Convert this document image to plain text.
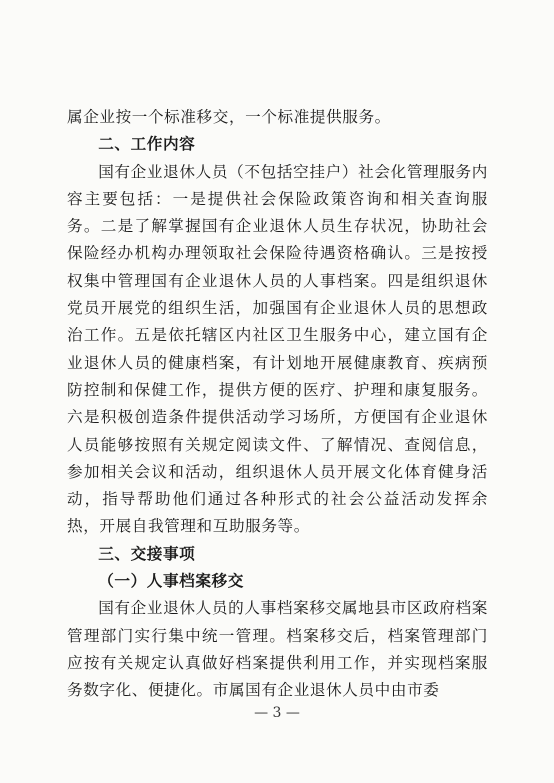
属企业按一个标准移交，一个标准提供服务。

二、工作内容

国有企业退休人员（不包括空挂户）社会化管理服务内容主要包括：一是提供社会保险政策咨询和相关查询服务。二是了解掌握国有企业退休人员生存状况，协助社会保险经办机构办理领取社会保险待遇资格确认。三是按授权集中管理国有企业退休人员的人事档案。四是组织退休党员开展党的组织生活，加强国有企业退休人员的思想政治工作。五是依托辖区内社区卫生服务中心，建立国有企业退休人员的健康档案，有计划地开展健康教育、疾病预防控制和保健工作，提供方便的医疗、护理和康复服务。六是积极创造条件提供活动学习场所，方便国有企业退休人员能够按照有关规定阅读文件、了解情况、查阅信息，参加相关会议和活动，组织退休人员开展文化体育健身活动，指导帮助他们通过各种形式的社会公益活动发挥余热，开展自我管理和互助服务等。

三、交接事项

（一）人事档案移交

国有企业退休人员的人事档案移交属地县市区政府档案管理部门实行集中统一管理。档案移交后，档案管理部门应按有关规定认真做好档案提供利用工作，并实现档案服务数字化、便捷化。市属国有企业退休人员中由市委

— 3 —
